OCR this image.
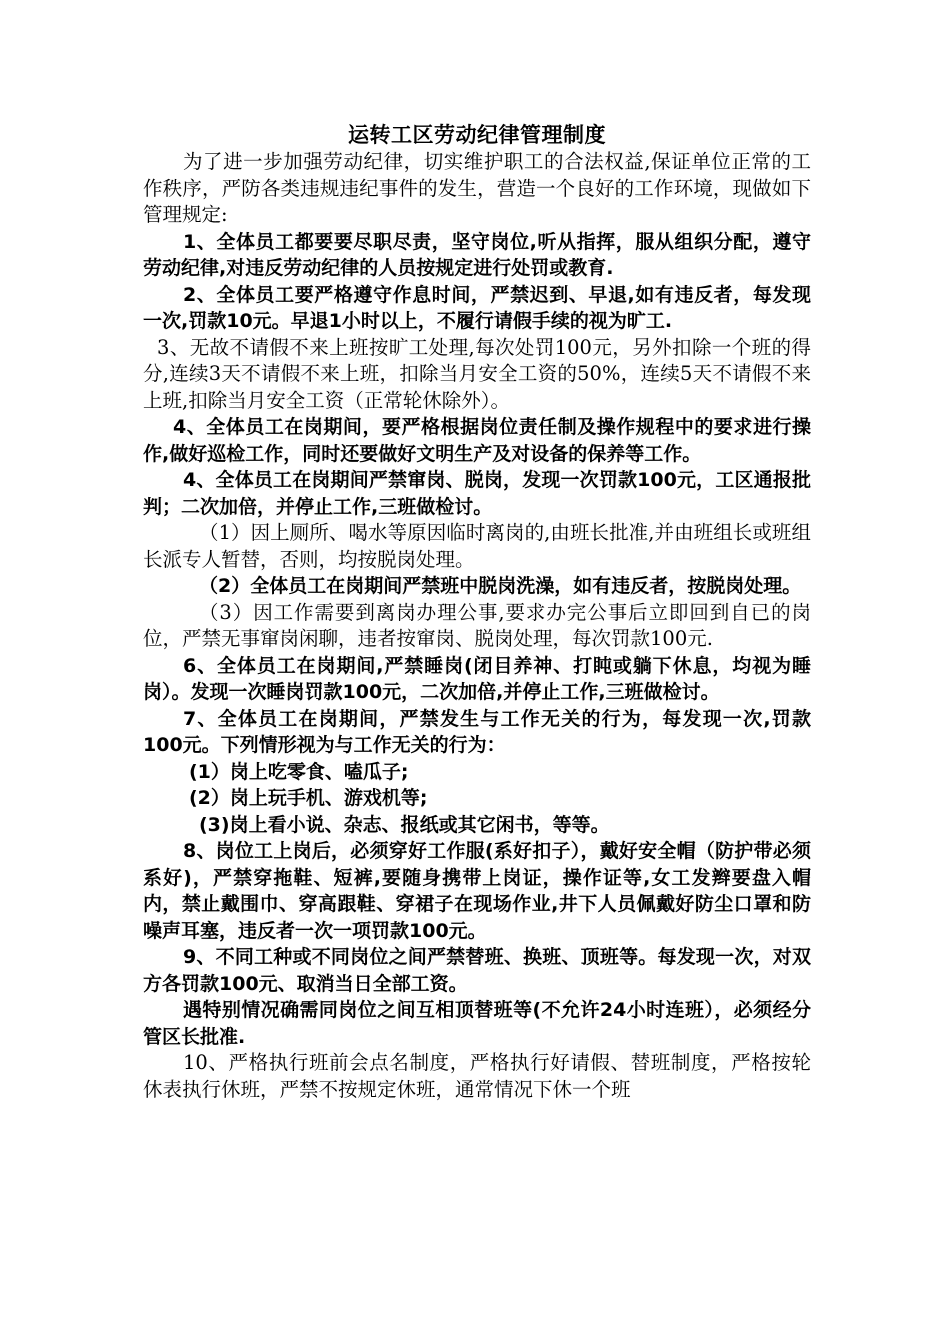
运转工区劳动纪律管理制度

为了进一步加强劳动纪律，切实维护职工的合法权益,保证单位正常的工作秩序，严防各类违规违纪事件的发生，营造一个良好的工作环境，现做如下管理规定:

1、全体员工都要要尽职尽责，坚守岗位,听从指挥，服从组织分配，遵守劳动纪律,对违反劳动纪律的人员按规定进行处罚或教育.

2、全体员工要严格遵守作息时间，严禁迟到、早退,如有违反者，每发现一次,罚款10元。早退1小时以上，不履行请假手续的视为旷工.

3、无故不请假不来上班按旷工处理,每次处罚100元，另外扣除一个班的得分,连续3天不请假不来上班，扣除当月安全工资的50%，连续5天不请假不来上班,扣除当月安全工资（正常轮休除外）。

4、全体员工在岗期间，要严格根据岗位责任制及操作规程中的要求进行操作,做好巡检工作，同时还要做好文明生产及对设备的保养等工作。

4、全体员工在岗期间严禁窜岗、脱岗，发现一次罚款100元，工区通报批判；二次加倍，并停止工作,三班做检讨。

（1）因上厕所、喝水等原因临时离岗的,由班长批准,并由班组长或班组长派专人暂替，否则，均按脱岗处理。

（2）全体员工在岗期间严禁班中脱岗洗澡，如有违反者，按脱岗处理。

（3）因工作需要到离岗办理公事,要求办完公事后立即回到自已的岗位，严禁无事窜岗闲聊，违者按窜岗、脱岗处理，每次罚款100元.

6、全体员工在岗期间,严禁睡岗(闭目养神、打盹或躺下休息，均视为睡岗）。发现一次睡岗罚款100元，二次加倍,并停止工作,三班做检讨。

7、全体员工在岗期间，严禁发生与工作无关的行为，每发现一次,罚款100元。下列情形视为与工作无关的行为：

(1）岗上吃零食、嗑瓜子;

(2）岗上玩手机、游戏机等;

(3)岗上看小说、杂志、报纸或其它闲书，等等。

8、岗位工上岗后，必须穿好工作服(系好扣子），戴好安全帽（防护带必须系好)，严禁穿拖鞋、短裤,要随身携带上岗证，操作证等,女工发辫要盘入帽内，禁止戴围巾、穿高跟鞋、穿裙子在现场作业,井下人员佩戴好防尘口罩和防噪声耳塞，违反者一次一项罚款100元。

9、不同工种或不同岗位之间严禁替班、换班、顶班等。每发现一次，对双方各罚款100元、取消当日全部工资。

遇特别情况确需同岗位之间互相顶替班等(不允许24小时连班），必须经分管区长批准.

10、严格执行班前会点名制度，严格执行好请假、替班制度，严格按轮休表执行休班，严禁不按规定休班，通常情况下休一个班
